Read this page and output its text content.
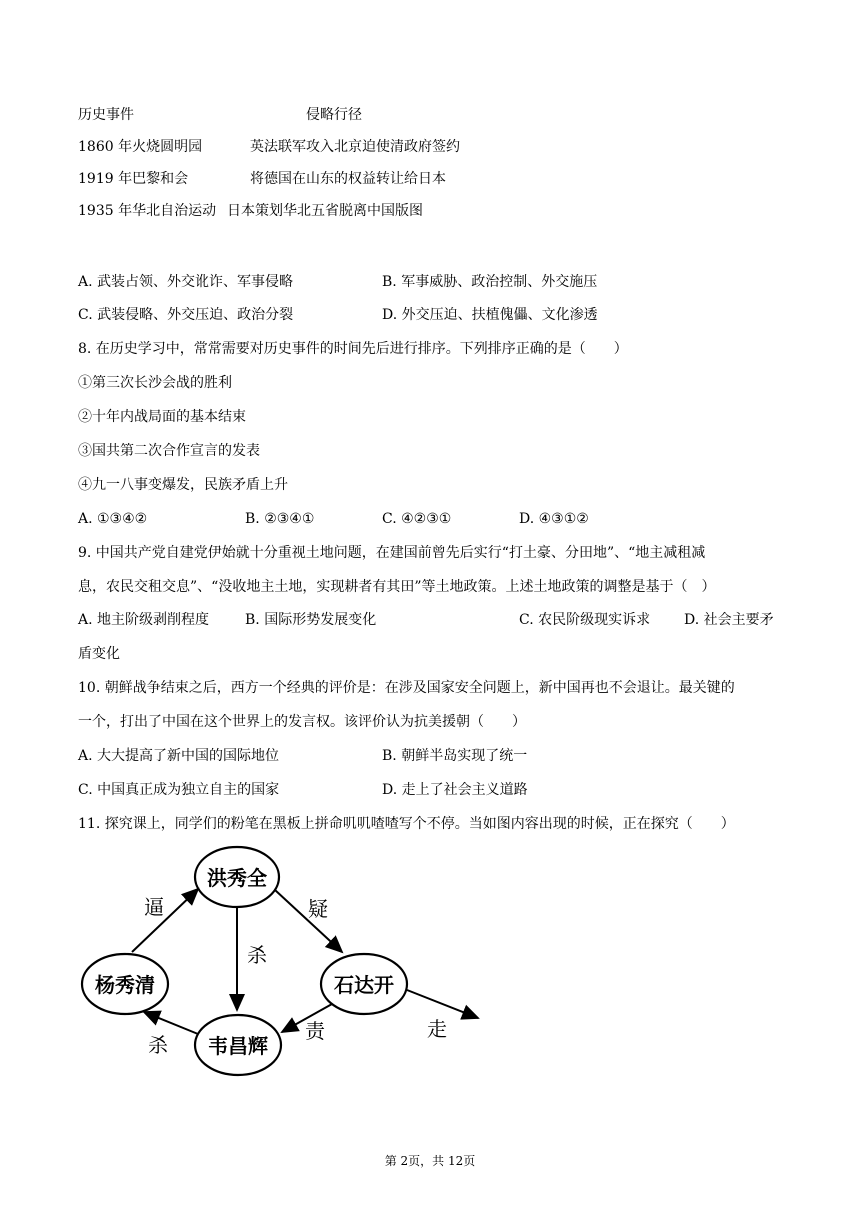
历史事件	侵略行径
1860 年火烧圆明园	英法联军攻入北京迫使清政府签约
1919 年巴黎和会	将德国在山东的权益转让给日本
1935 年华北自治运动 日本策划华北五省脱离中国版图
A. 武装占领、外交讹诈、军事侵略	B. 军事威胁、政治控制、外交施压
C. 武装侵略、外交压迫、政治分裂	D. 外交压迫、扶植傀儡、文化渗透
8. 在历史学习中，常常需要对历史事件的时间先后进行排序。下列排序正确的是（　　）
①第三次长沙会战的胜利
②十年内战局面的基本结束
③国共第二次合作宣言的发表
④九一八事变爆发，民族矛盾上升
A. ①③④②	B. ②③④①	C. ④②③①	D. ④③①②
9. 中国共产党自建党伊始就十分重视土地问题，在建国前曾先后实行“打土豪、分田地”、“地主减租减
息，农民交租交息”、“没收地主土地，实现耕者有其田”等土地政策。上述土地政策的调整是基于（　）
A. 地主阶级剥削程度	B. 国际形势发展变化	C. 农民阶级现实诉求 D. 社会主要矛
盾变化
10. 朝鲜战争结束之后，西方一个经典的评价是：在涉及国家安全问题上，新中国再也不会退让。最关键的
一个，打出了中国在这个世界上的发言权。该评价认为抗美援朝（　　）
A. 大大提高了新中国的国际地位	B. 朝鲜半岛实现了统一
C. 中国真正成为独立自主的国家	D. 走上了社会主义道路
11. 探究课上，同学们的粉笔在黑板上拼命叽叽喳喳写个不停。当如图内容出现的时候，正在探究（　　）
洪秀全
杨秀清	石达开
韦昌辉
逼	疑
杀
责
杀
走
第 2页，共 12页
